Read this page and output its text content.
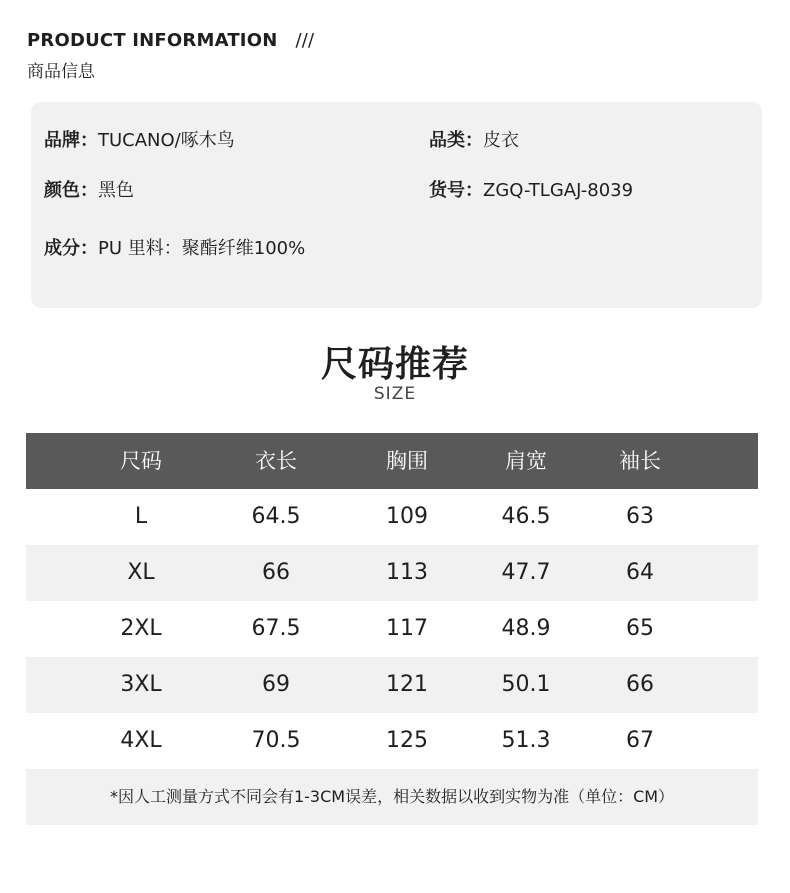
PRODUCT INFORMATION ///
商品信息
品牌：TUCANO/啄木鸟	品类：皮衣
颜色：黑色	货号：ZGQ-TLGAJ-8039
成分：PU 里料：聚酯纤维100%
尺码推荐
SIZE
尺码	衣长	胸围	肩宽	袖长
L	64.5	109	46.5	63
XL	66	113	47.7	64
2XL	67.5	117	48.9	65
3XL	69	121	50.1	66
4XL	70.5	125	51.3	67
*因人工测量方式不同会有1-3CM误差，相关数据以收到实物为准（单位：CM）
